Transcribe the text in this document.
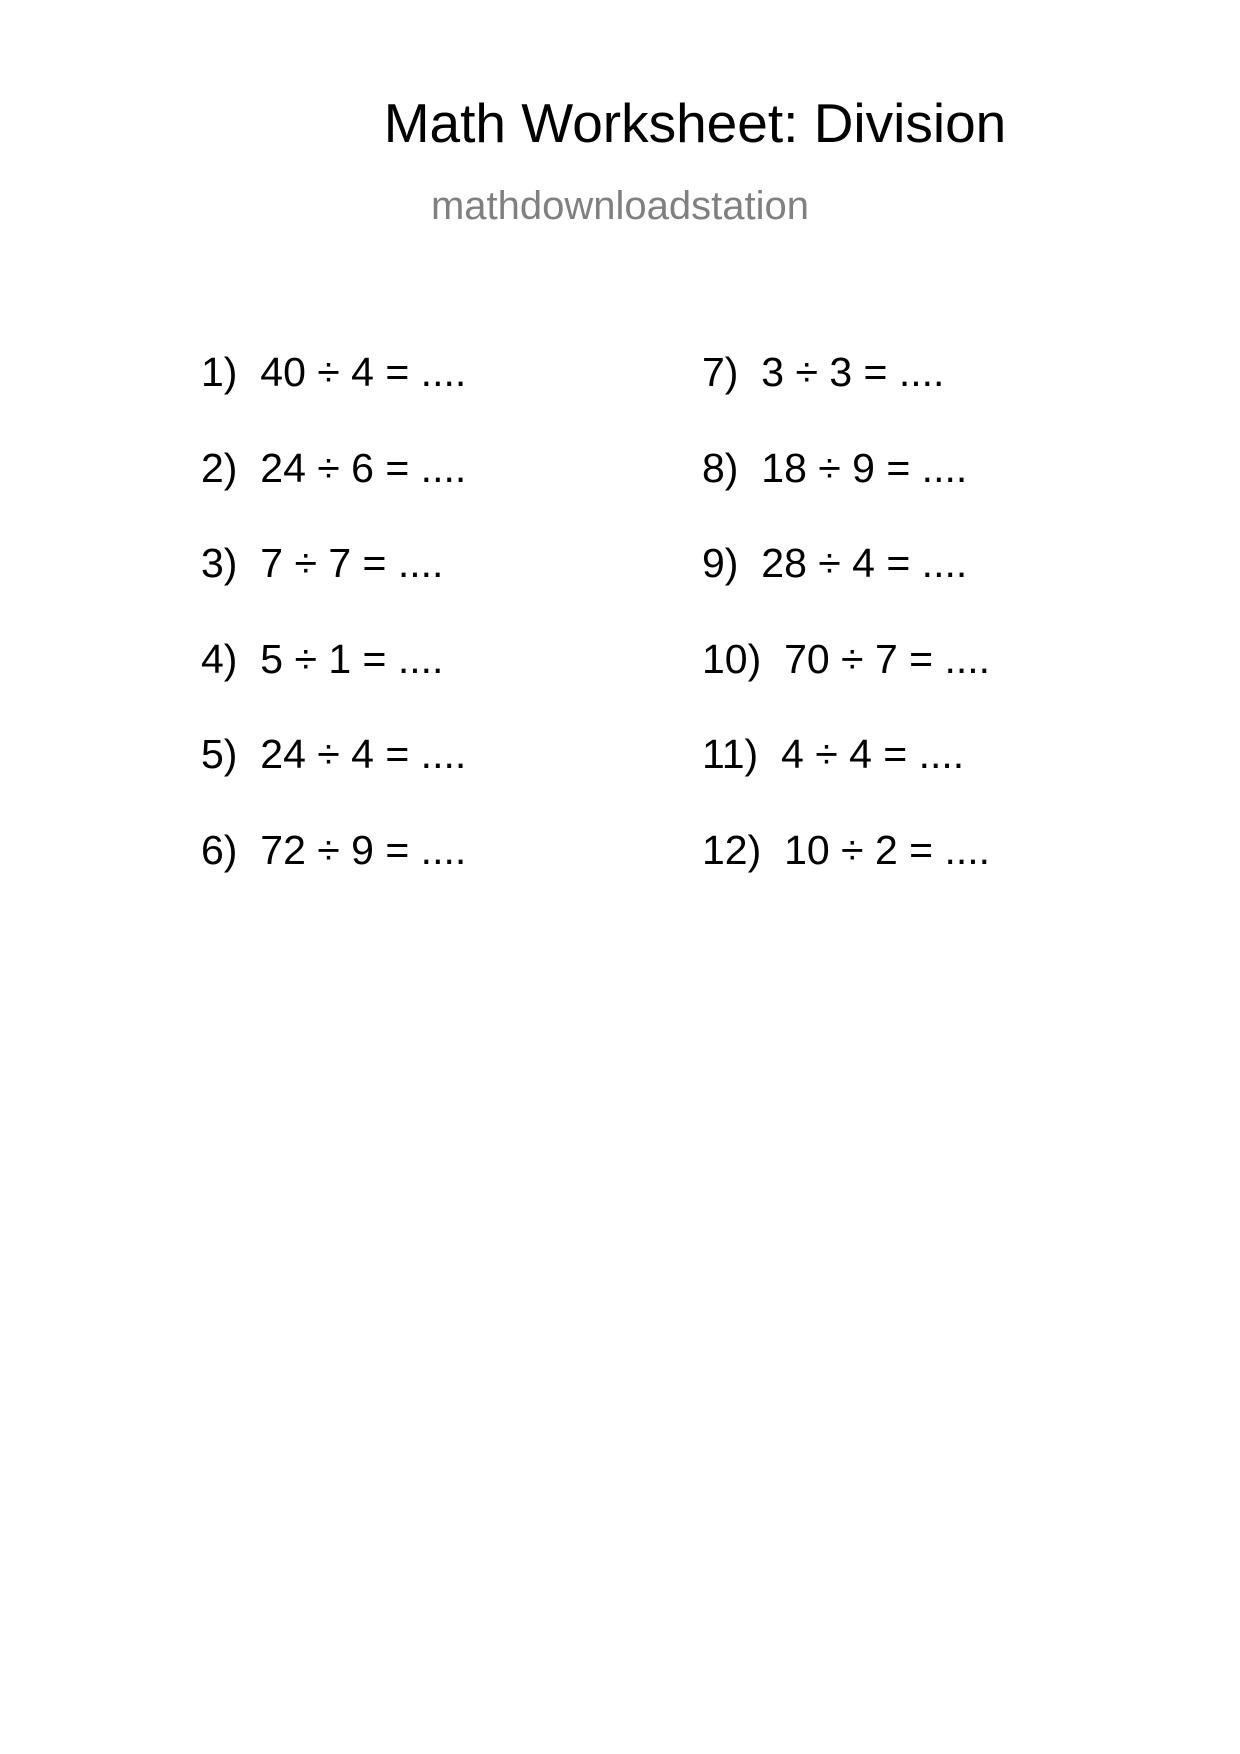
Math Worksheet: Division
mathdownloadstation
1) 40 ÷ 4 = ....
2) 24 ÷ 6 = ....
3) 7 ÷ 7 = ....
4) 5 ÷ 1 = ....
5) 24 ÷ 4 = ....
6) 72 ÷ 9 = ....
7) 3 ÷ 3 = ....
8) 18 ÷ 9 = ....
9) 28 ÷ 4 = ....
10) 70 ÷ 7 = ....
11) 4 ÷ 4 = ....
12) 10 ÷ 2 = ....
